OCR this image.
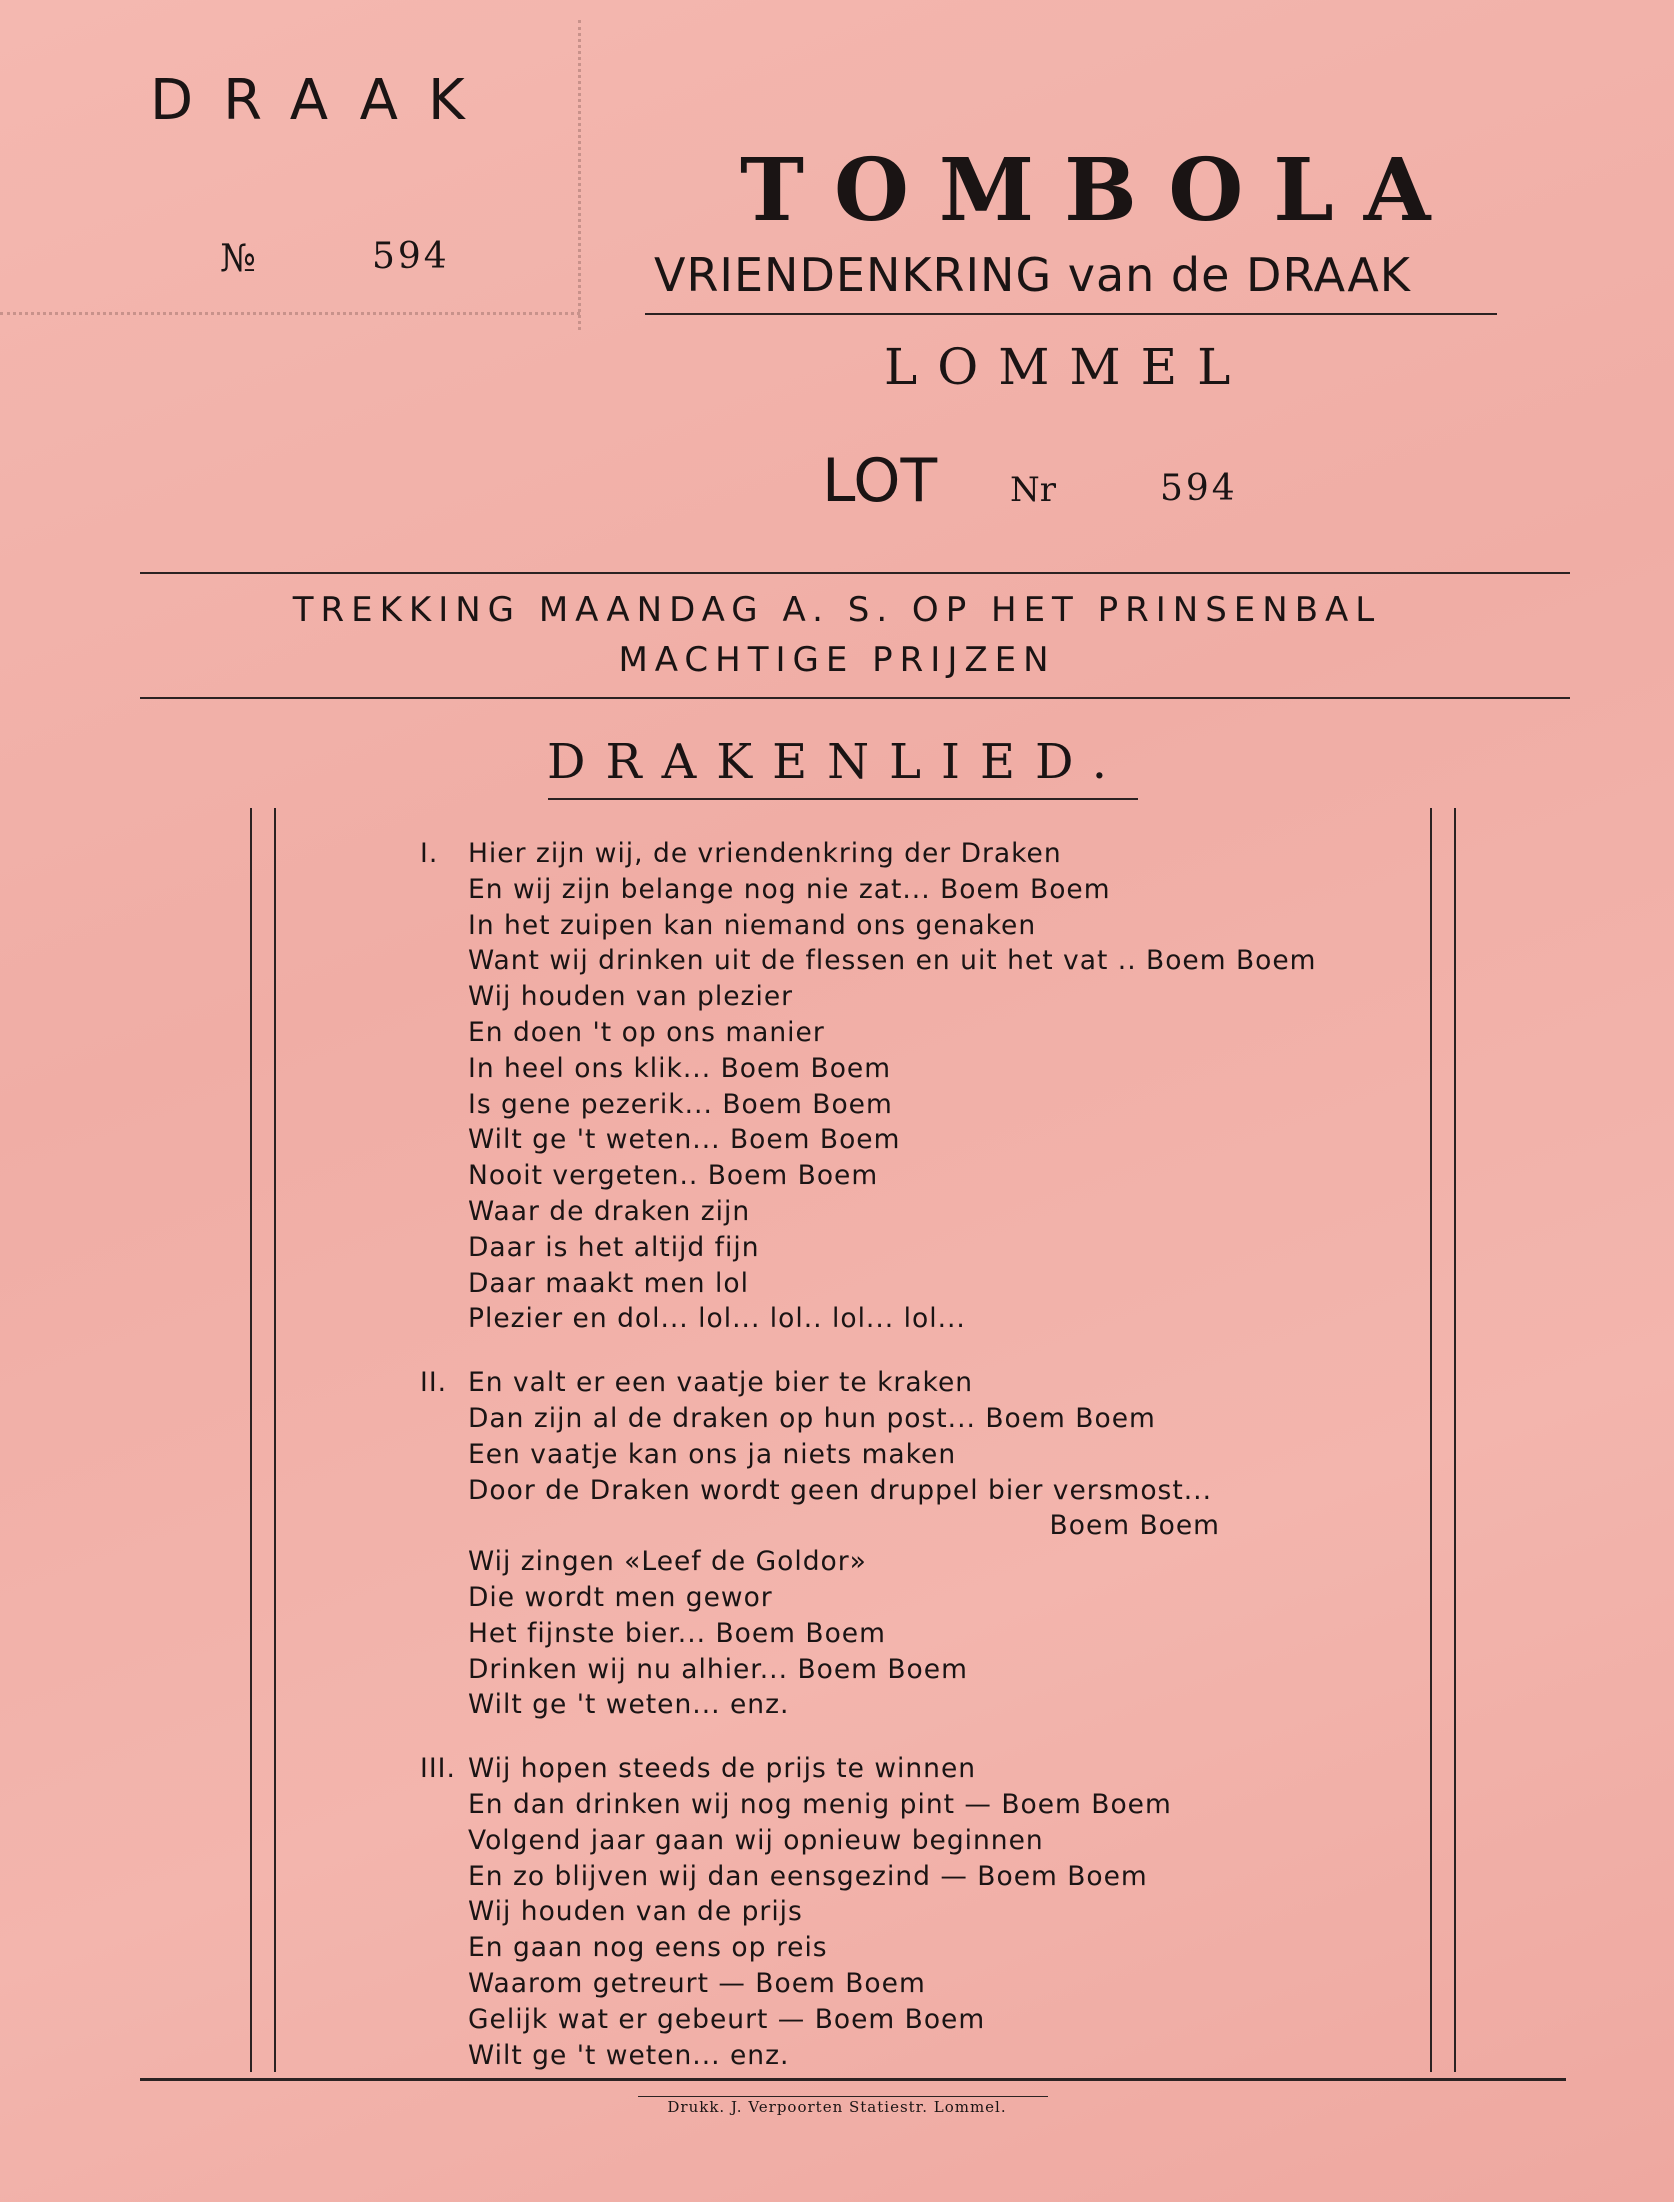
DRAAK
№	594
TOMBOLA
VRIENDENKRING van de DRAAK
LOMMEL
LOT Nr	594
TREKKING MAANDAG A. S. OP HET PRINSENBAL
MACHTIGE PRIJZEN
DRAKENLIED.
I. Hier zijn wij, de vriendenkring der Draken
En wij zijn belange nog nie zat... Boem Boem
In het zuipen kan niemand ons genaken
Want wij drinken uit de flessen en uit het vat .. Boem Boem
Wij houden van plezier
En doen 't op ons manier
In heel ons klik... Boem Boem
Is gene pezerik... Boem Boem
Wilt ge 't weten... Boem Boem
Nooit vergeten.. Boem Boem
Waar de draken zijn
Daar is het altijd fijn
Daar maakt men lol
Plezier en dol... lol... lol.. lol... lol...
II. En valt er een vaatje bier te kraken
Dan zijn al de draken op hun post... Boem Boem
Een vaatje kan ons ja niets maken
Door de Draken wordt geen druppel bier versmost...
Boem Boem
Wij zingen «Leef de Goldor»
Die wordt men gewor
Het fijnste bier... Boem Boem
Drinken wij nu alhier... Boem Boem
Wilt ge 't weten... enz.
III. Wij hopen steeds de prijs te winnen
En dan drinken wij nog menig pint — Boem Boem
Volgend jaar gaan wij opnieuw beginnen
En zo blijven wij dan eensgezind — Boem Boem
Wij houden van de prijs
En gaan nog eens op reis
Waarom getreurt — Boem Boem
Gelijk wat er gebeurt — Boem Boem
Wilt ge 't weten... enz.
Drukk. J. Verpoorten Statiestr. Lommel.
